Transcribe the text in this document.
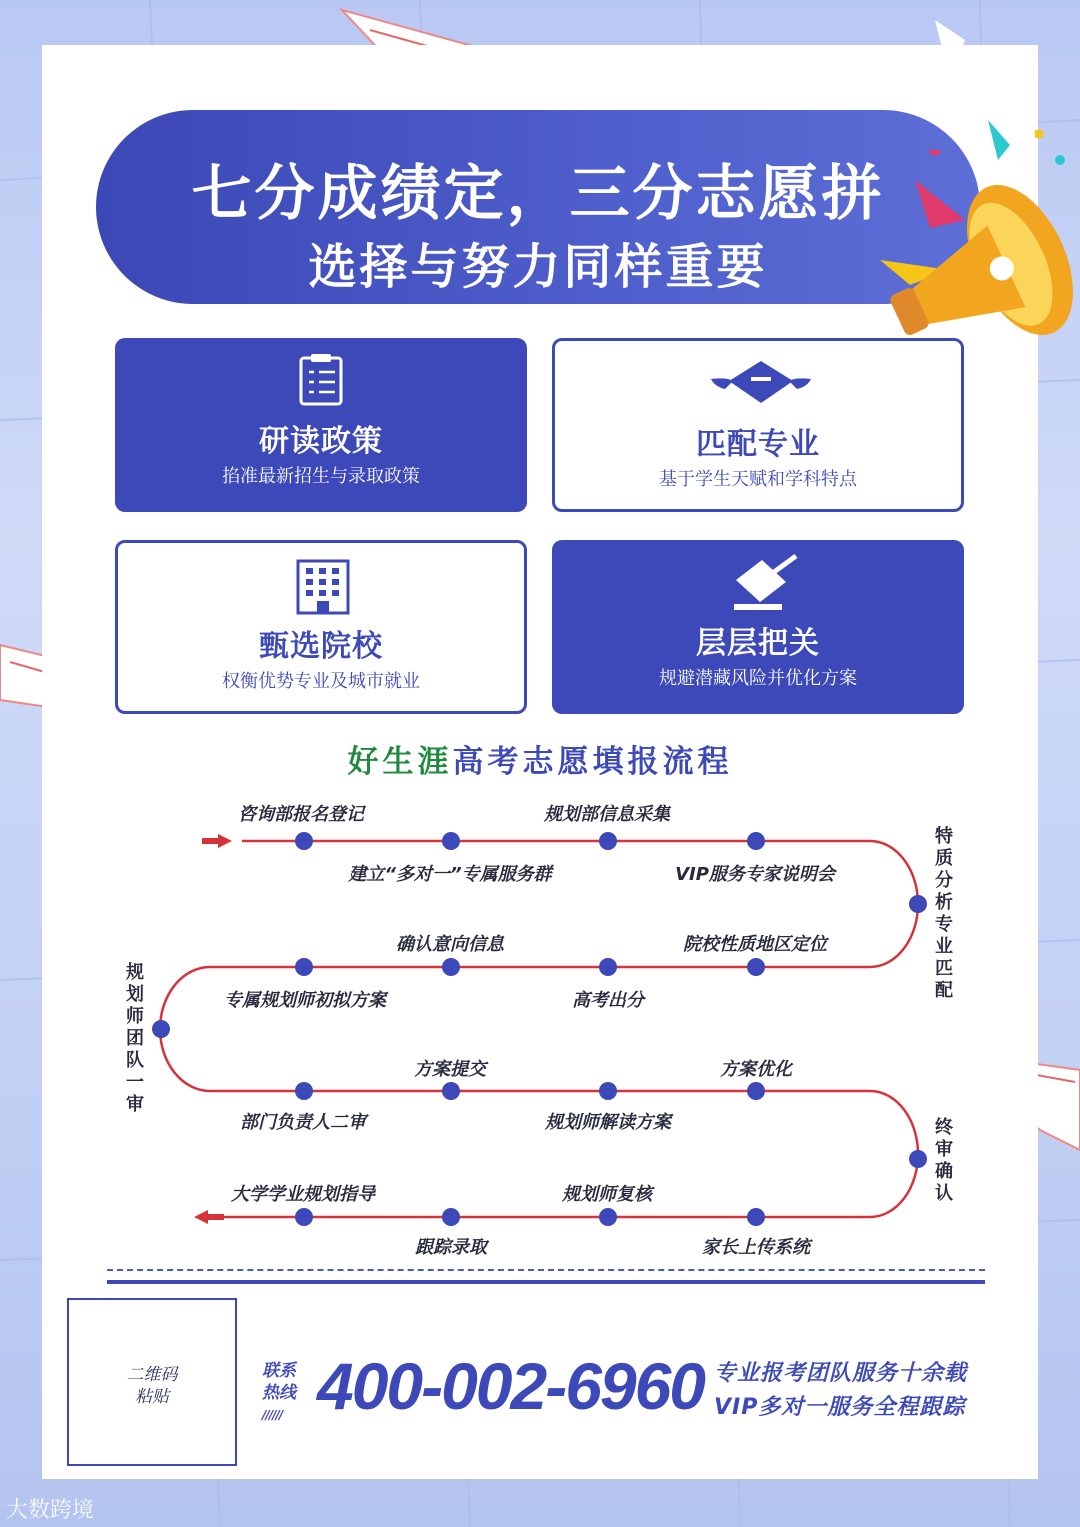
七分成绩定，三分志愿拼
选择与努力同样重要
研读政策
掐准最新招生与录取政策
匹配专业
基于学生天赋和学科特点
甄选院校
权衡优势专业及城市就业
层层把关
规避潜藏风险并优化方案
好生涯高考志愿填报流程
咨询部报名登记	规划部信息采集
建立“多对一”专属服务群	VIP服务专家说明会
特质分析专业匹配
确认意向信息	院校性质地区定位
专属规划师初拟方案	高考出分
规划师团队一审
方案提交	方案优化
部门负责人二审	规划师解读方案	终审确认
大学学业规划指导	规划师复核
跟踪录取	家长上传系统
二维码
粘贴
联系热线
////// 400-002-6960 专业报考团队服务十余载
VIP多对一服务全程跟踪
大数跨境
